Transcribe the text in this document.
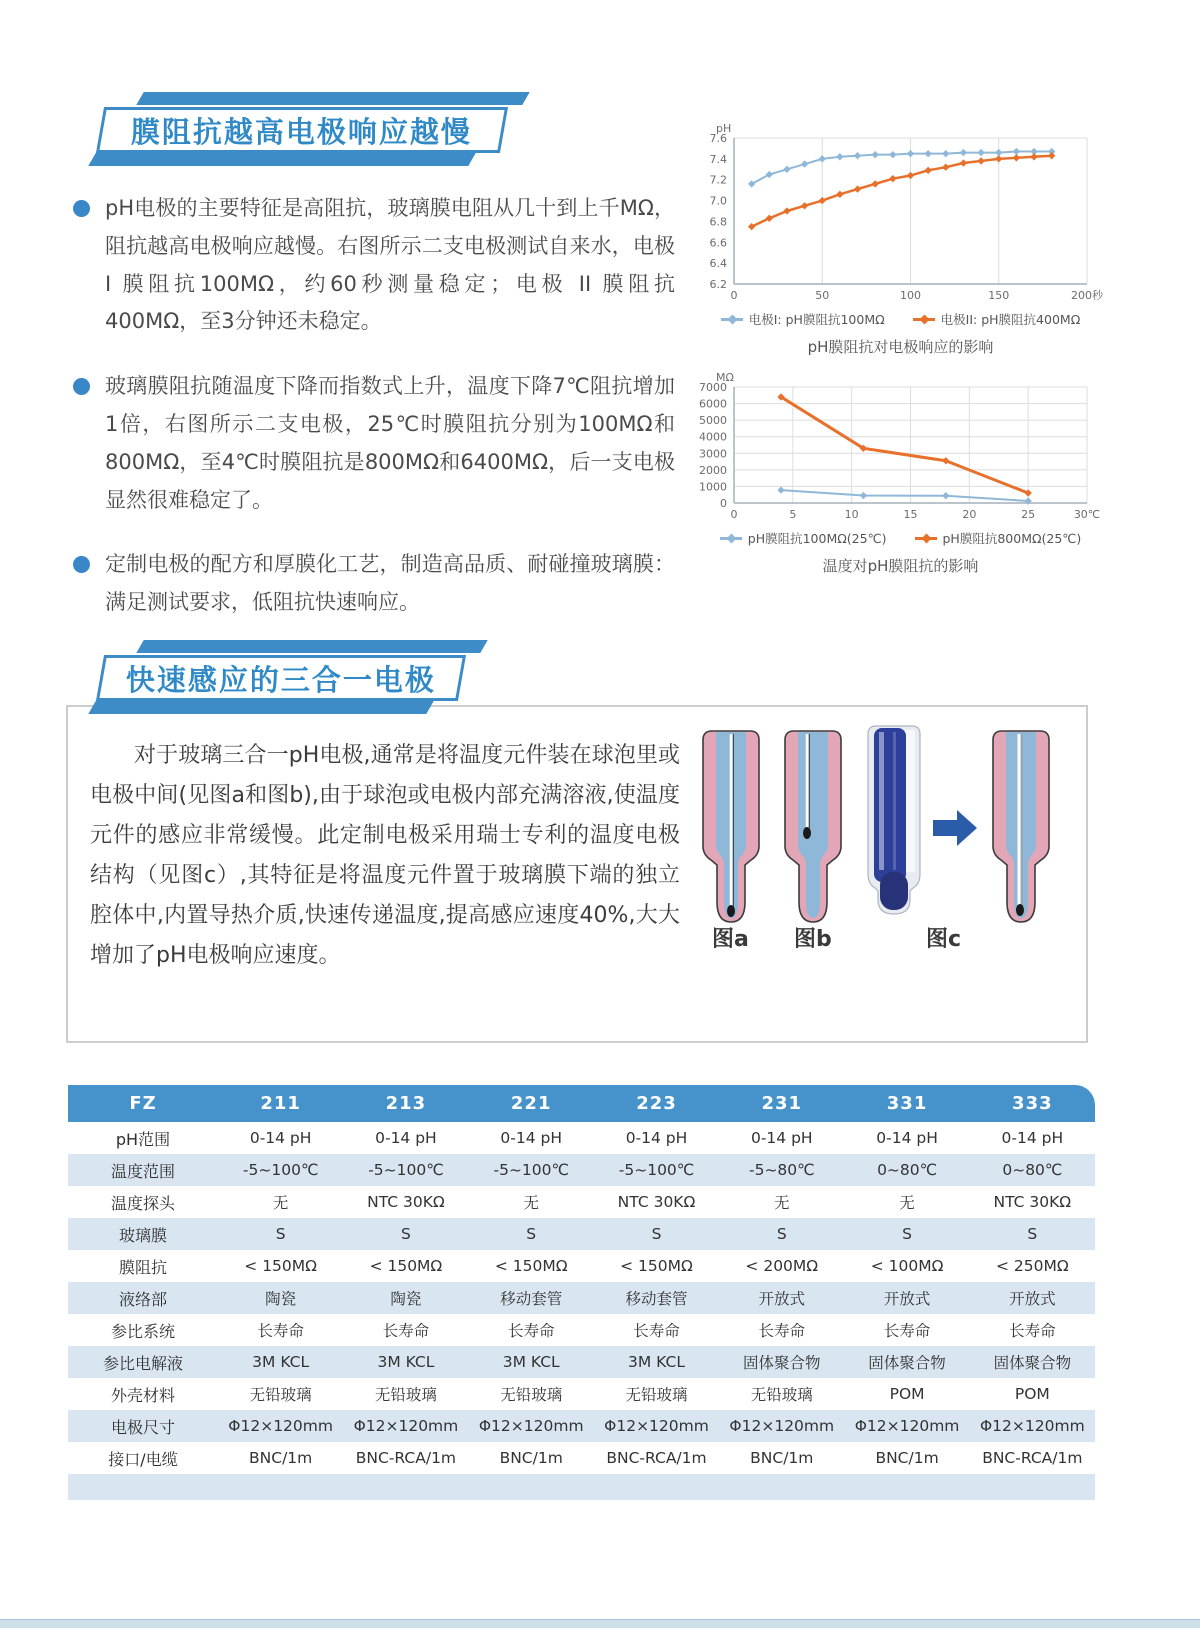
膜阻抗越高电极响应越慢

pH电极的主要特征是高阻抗，玻璃膜电阻从几十到上千MΩ，阻抗越高电极响应越慢。右图所示二支电极测试自来水，电极 I 膜阻抗100MΩ，约60秒测量稳定；电极 II 膜阻抗400MΩ，至3分钟还未稳定。

玻璃膜阻抗随温度下降而指数式上升，温度下降7℃阻抗增加1倍，右图所示二支电极，25℃时膜阻抗分别为100MΩ和800MΩ，至4℃时膜阻抗是800MΩ和6400MΩ，后一支电极显然很难稳定了。

定制电极的配方和厚膜化工艺，制造高品质、耐碰撞玻璃膜：满足测试要求，低阻抗快速响应。

6.2
6.4
6.6
6.8
7.0
7.2
7.4
7.6
0	50	100	150	200秒
pH
电极I: pH膜阻抗100MΩ	电极II: pH膜阻抗400MΩ
pH膜阻抗对电极响应的影响
0
1000
2000
3000
4000
5000
6000
7000
0	5	10	15	20	25	30℃
MΩ
pH膜阻抗100MΩ(25℃)	pH膜阻抗800MΩ(25℃)
温度对pH膜阻抗的影响
快速感应的三合一电极

对于玻璃三合一pH电极,通常是将温度元件装在球泡里或电极中间(见图a和图b),由于球泡或电极内部充满溶液,使温度元件的感应非常缓慢。此定制电极采用瑞士专利的温度电极结构（见图c）,其特征是将温度元件置于玻璃膜下端的独立腔体中,内置导热介质,快速传递温度,提高感应速度40%,大大增加了pH电极响应速度。

图a 图b	图c
FZ	211	213	221	223	231	331	333
pH范围	0-14 pH	0-14 pH	0-14 pH	0-14 pH	0-14 pH	0-14 pH	0-14 pH
温度范围	-5~100℃	-5~100℃	-5~100℃	-5~100℃	-5~80℃	0~80℃	0~80℃
温度探头	无	NTC 30KΩ	无	NTC 30KΩ	无	无	NTC 30KΩ
玻璃膜	S	S	S	S	S	S	S
膜阻抗	< 150MΩ	< 150MΩ	< 150MΩ	< 150MΩ	< 200MΩ	< 100MΩ	< 250MΩ
液络部	陶瓷	陶瓷	移动套管	移动套管	开放式	开放式	开放式
参比系统	长寿命	长寿命	长寿命	长寿命	长寿命	长寿命	长寿命
参比电解液	3M KCL	3M KCL	3M KCL	3M KCL	固体聚合物	固体聚合物	固体聚合物
外壳材料	无铅玻璃	无铅玻璃	无铅玻璃	无铅玻璃	无铅玻璃	POM	POM
电极尺寸	Φ12×120mm	Φ12×120mm	Φ12×120mm	Φ12×120mm	Φ12×120mm	Φ12×120mm	Φ12×120mm
接口/电缆	BNC/1m	BNC-RCA/1m	BNC/1m	BNC-RCA/1m	BNC/1m	BNC/1m	BNC-RCA/1m
